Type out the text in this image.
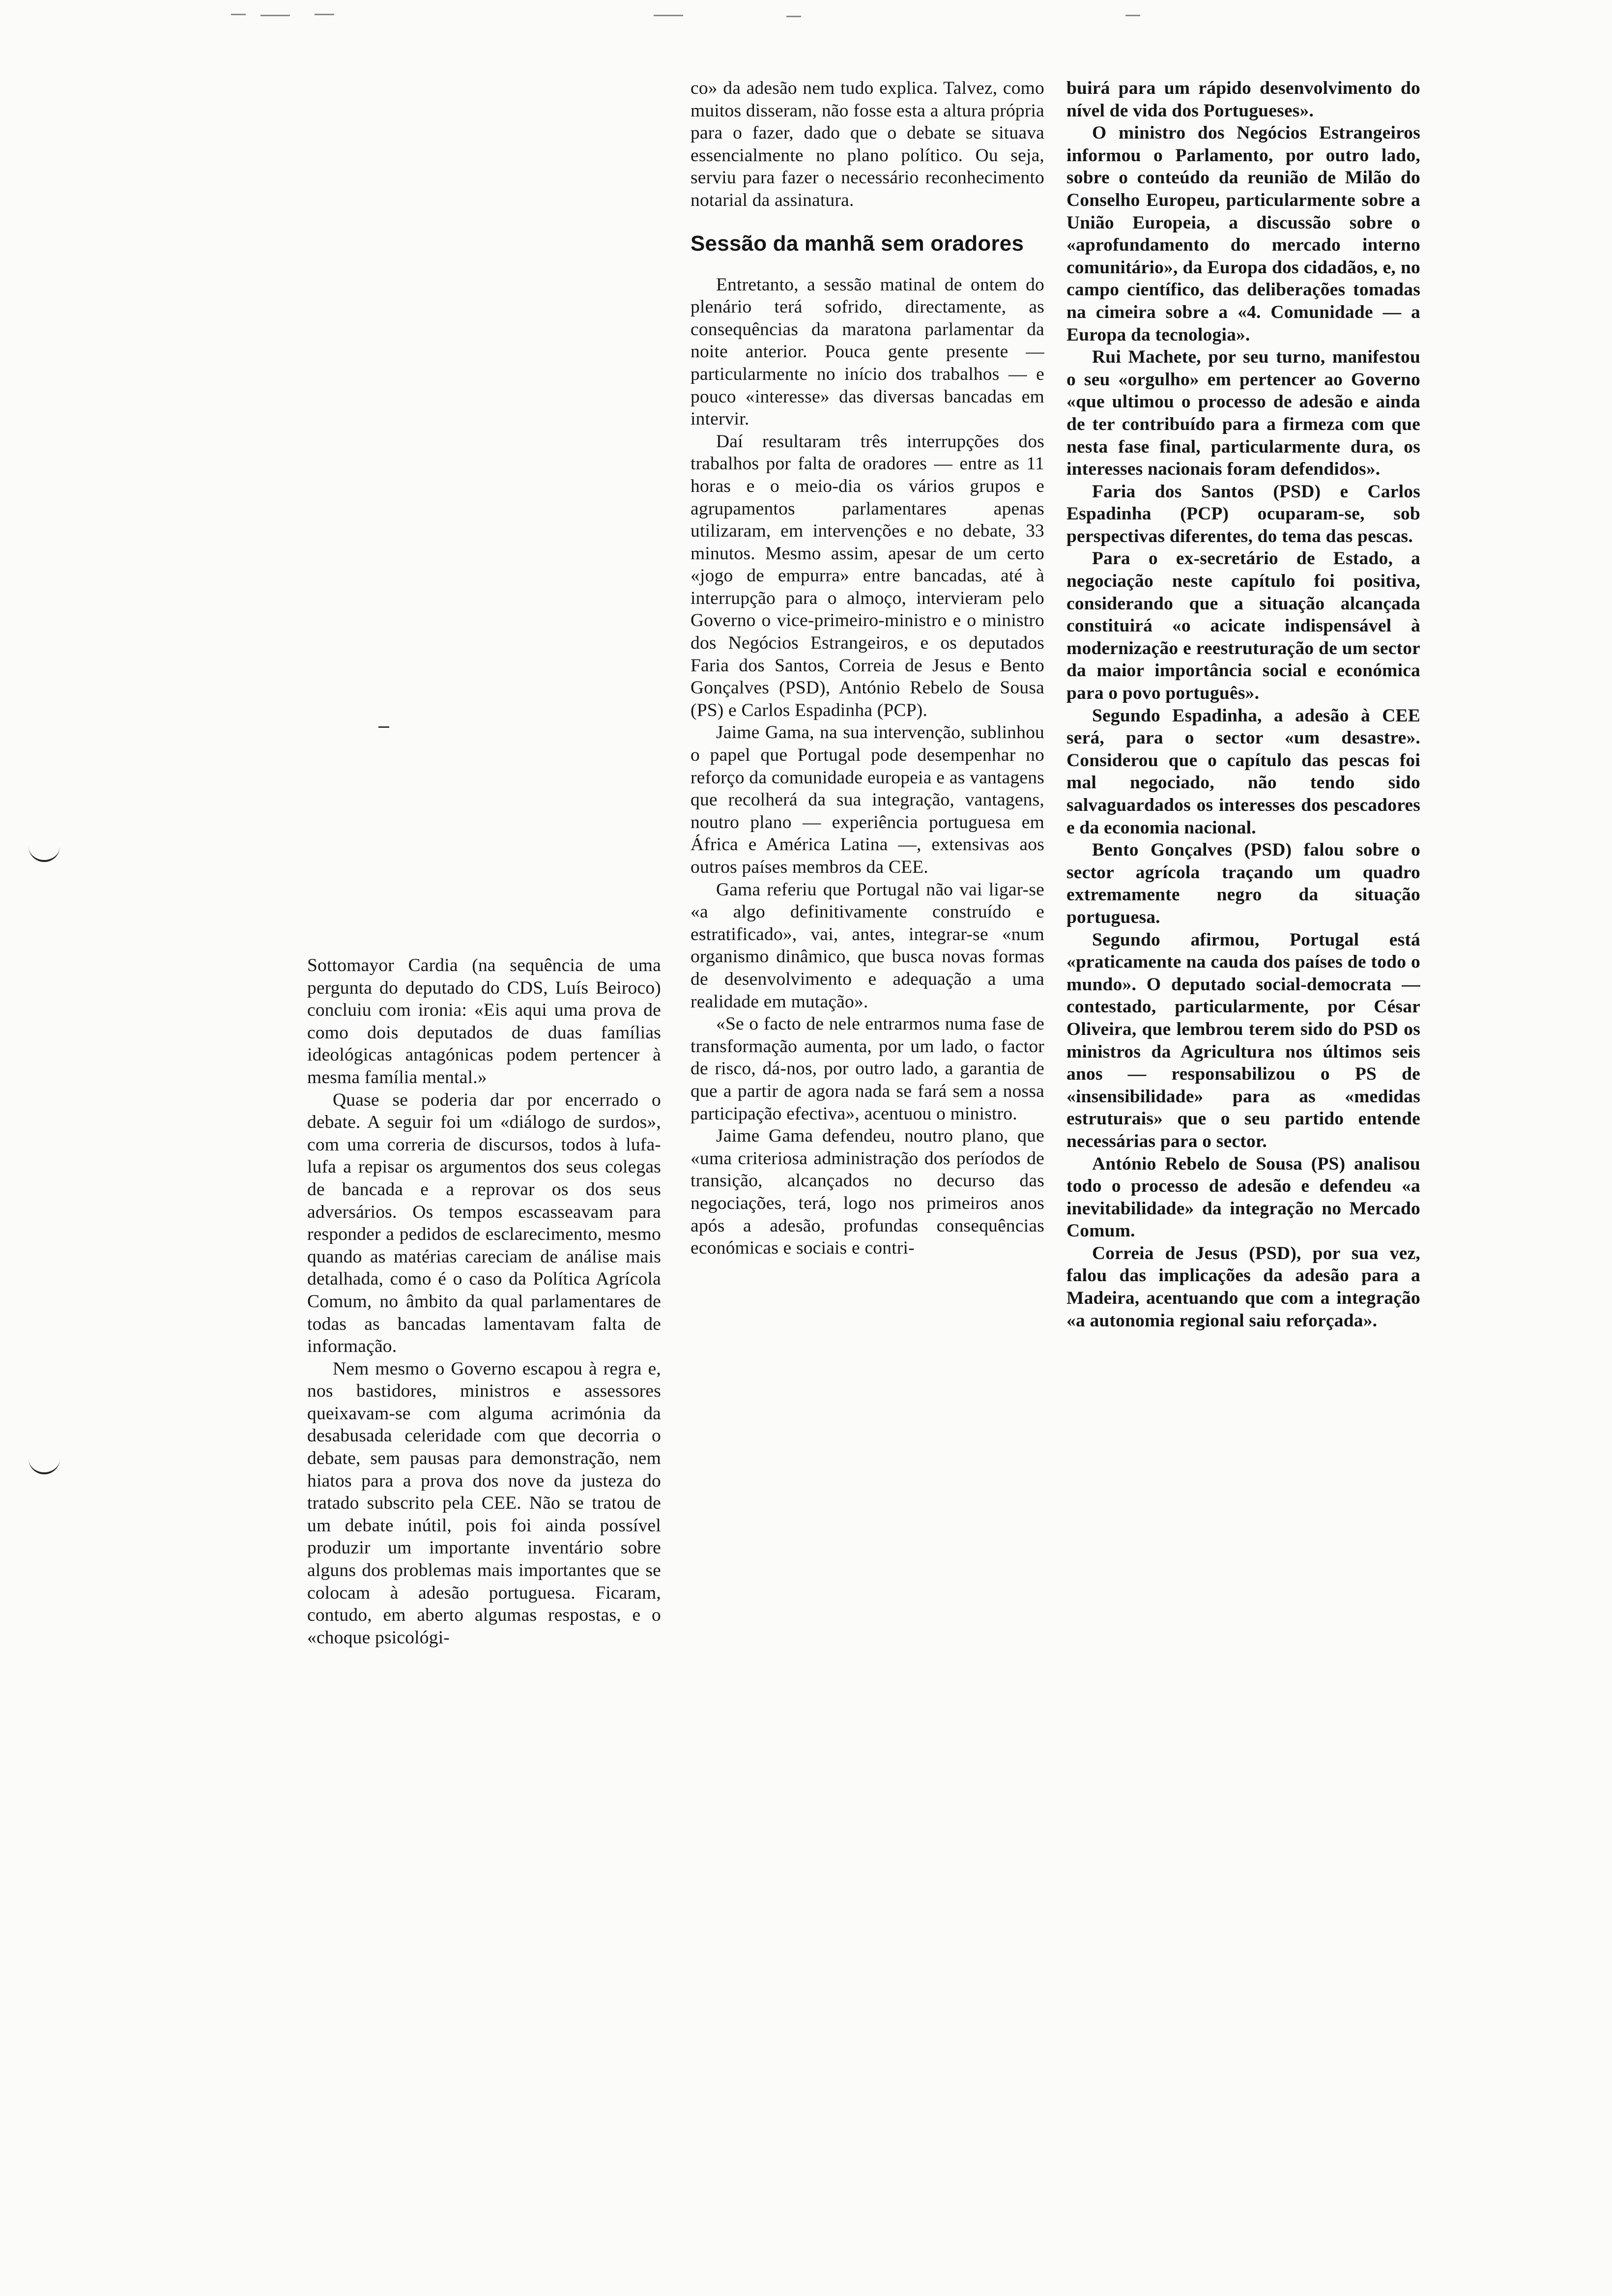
Sottomayor Cardia (na sequência de uma pergunta do deputado do CDS, Luís Beiroco) concluiu com ironia: «Eis aqui uma prova de como dois deputados de duas famílias ideológicas antagónicas podem pertencer à mesma família mental.»

Quase se poderia dar por encerrado o debate. A seguir foi um «diálogo de surdos», com uma correria de discursos, todos à lufa-lufa a repisar os argumentos dos seus colegas de bancada e a reprovar os dos seus adversários. Os tempos escasseavam para responder a pedidos de esclarecimento, mesmo quando as matérias careciam de análise mais detalhada, como é o caso da Política Agrícola Comum, no âmbito da qual parlamentares de todas as bancadas lamentavam falta de informação.

Nem mesmo o Governo escapou à regra e, nos bastidores, ministros e assessores queixavam-se com alguma acrimónia da desabusada celeridade com que decorria o debate, sem pausas para demonstração, nem hiatos para a prova dos nove da justeza do tratado subscrito pela CEE. Não se tratou de um debate inútil, pois foi ainda possível produzir um importante inventário sobre alguns dos problemas mais importantes que se colocam à adesão portuguesa. Ficaram, contudo, em aberto algumas respostas, e o «choque psicológi-

co» da adesão nem tudo explica. Talvez, como muitos disseram, não fosse esta a altura própria para o fazer, dado que o debate se situava essencialmente no plano político. Ou seja, serviu para fazer o necessário reconhecimento notarial da assinatura.

Sessão da manhã sem oradores

Entretanto, a sessão matinal de ontem do plenário terá sofrido, directamente, as consequências da maratona parlamentar da noite anterior. Pouca gente presente — particularmente no início dos trabalhos — e pouco «interesse» das diversas bancadas em intervir.

Daí resultaram três interrupções dos trabalhos por falta de oradores — entre as 11 horas e o meio-dia os vários grupos e agrupamentos parlamentares apenas utilizaram, em intervenções e no debate, 33 minutos. Mesmo assim, apesar de um certo «jogo de empurra» entre bancadas, até à interrupção para o almoço, intervieram pelo Governo o vice-primeiro-ministro e o ministro dos Negócios Estrangeiros, e os deputados Faria dos Santos, Correia de Jesus e Bento Gonçalves (PSD), António Rebelo de Sousa (PS) e Carlos Espadinha (PCP).

Jaime Gama, na sua intervenção, sublinhou o papel que Portugal pode desempenhar no reforço da comunidade europeia e as vantagens que recolherá da sua integração, vantagens, noutro plano — experiência portuguesa em África e América Latina —, extensivas aos outros países membros da CEE.

Gama referiu que Portugal não vai ligar-se «a algo definitivamente construído e estratificado», vai, antes, integrar-se «num organismo dinâmico, que busca novas formas de desenvolvimento e adequação a uma realidade em mutação».

«Se o facto de nele entrarmos numa fase de transformação aumenta, por um lado, o factor de risco, dá-nos, por outro lado, a garantia de que a partir de agora nada se fará sem a nossa participação efectiva», acentuou o ministro.

Jaime Gama defendeu, noutro plano, que «uma criteriosa administração dos períodos de transição, alcançados no decurso das negociações, terá, logo nos primeiros anos após a adesão, profundas consequências económicas e sociais e contri-

buirá para um rápido desenvolvimento do nível de vida dos Portugueses».

O ministro dos Negócios Estrangeiros informou o Parlamento, por outro lado, sobre o conteúdo da reunião de Milão do Conselho Europeu, particularmente sobre a União Europeia, a discussão sobre o «aprofundamento do mercado interno comunitário», da Europa dos cidadãos, e, no campo científico, das deliberações tomadas na cimeira sobre a «4. Comunidade — a Europa da tecnologia».

Rui Machete, por seu turno, manifestou o seu «orgulho» em pertencer ao Governo «que ultimou o processo de adesão e ainda de ter contribuído para a firmeza com que nesta fase final, particularmente dura, os interesses nacionais foram defendidos».

Faria dos Santos (PSD) e Carlos Espadinha (PCP) ocuparam-se, sob perspectivas diferentes, do tema das pescas.

Para o ex-secretário de Estado, a negociação neste capítulo foi positiva, considerando que a situação alcançada constituirá «o acicate indispensável à modernização e reestruturação de um sector da maior importância social e económica para o povo português».

Segundo Espadinha, a adesão à CEE será, para o sector «um desastre». Considerou que o capítulo das pescas foi mal negociado, não tendo sido salvaguardados os interesses dos pescadores e da economia nacional.

Bento Gonçalves (PSD) falou sobre o sector agrícola traçando um quadro extremamente negro da situação portuguesa.

Segundo afirmou, Portugal está «praticamente na cauda dos países de todo o mundo». O deputado social-democrata — contestado, particularmente, por César Oliveira, que lembrou terem sido do PSD os ministros da Agricultura nos últimos seis anos — responsabilizou o PS de «insensibilidade» para as «medidas estruturais» que o seu partido entende necessárias para o sector.

António Rebelo de Sousa (PS) analisou todo o processo de adesão e defendeu «a inevitabilidade» da integração no Mercado Comum.

Correia de Jesus (PSD), por sua vez, falou das implicações da adesão para a Madeira, acentuando que com a integração «a autonomia regional saiu reforçada».
